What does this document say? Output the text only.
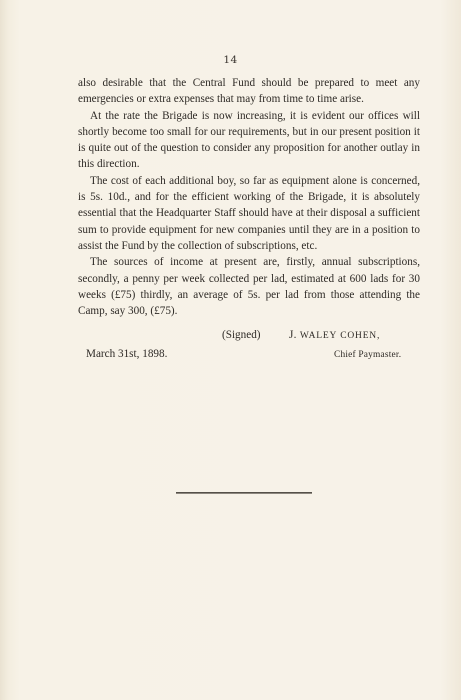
14

also desirable that the Central Fund should be prepared to meet any emergencies or extra expenses that may from time to time arise.

At the rate the Brigade is now increasing, it is evident our offices will shortly become too small for our requirements, but in our present position it is quite out of the question to consider any proposition for another outlay in this direction.

The cost of each additional boy, so far as equipment alone is concerned, is 5s. 10d., and for the efficient working of the Brigade, it is absolutely essential that the Headquarter Staff should have at their disposal a sufficient sum to provide equipment for new companies until they are in a position to assist the Fund by the collection of subscriptions, etc.

The sources of income at present are, firstly, annual subscriptions, secondly, a penny per week collected per lad, estimated at 600 lads for 30 weeks (£75) thirdly, an average of 5s. per lad from those attending the Camp, say 300, (£75).

(Signed)	J. WALEY COHEN,
March 31st, 1898.	Chief Paymaster.
